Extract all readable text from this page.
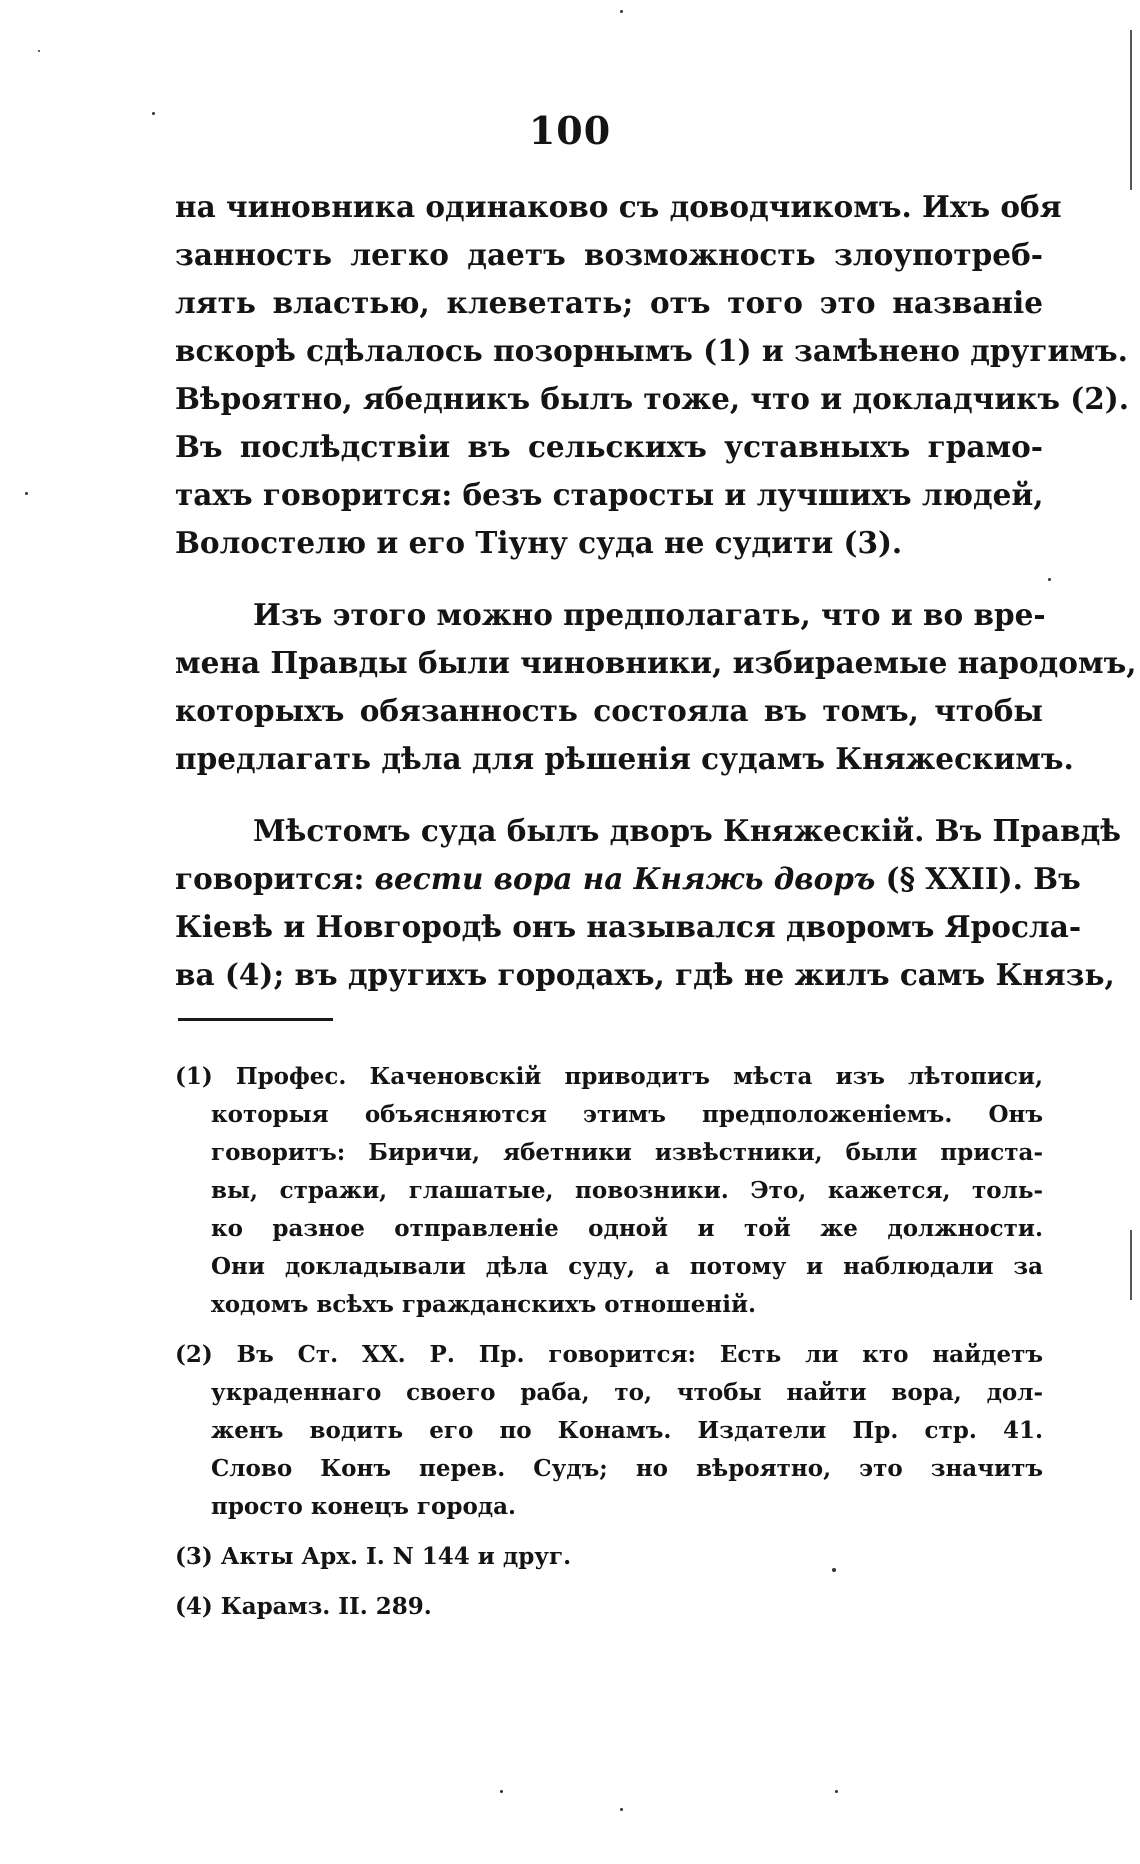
100
на чиновника одинаково съ доводчикомъ. Ихъ обя
занность легко даетъ возможность злоупотреб-
лять властью, клеветать; отъ того это названіе
вскорѣ сдѣлалось позорнымъ (1) и замѣнено другимъ.
Вѣроятно, ябедникъ былъ тоже, что и докладчикъ (2).
Въ послѣдствіи въ сельскихъ уставныхъ грамо-
тахъ говорится: безъ старосты и лучшихъ людей,
Волостелю и его Тіуну суда не судити (3).
Изъ этого можно предполагать, что и во вре-
мена Правды были чиновники, избираемые народомъ,
которыхъ обязанность состояла въ томъ, чтобы
предлагать дѣла для рѣшенія судамъ Княжескимъ.
Мѣстомъ суда былъ дворъ Княжескій. Въ Правдѣ
говорится: вести вора на Княжь дворъ (§ XXII). Въ
Кіевѣ и Новгородѣ онъ назывался дворомъ Яросла-
ва (4); въ другихъ городахъ, гдѣ не жилъ самъ Князь,
(1) Профес. Каченовскій приводитъ мѣста изъ лѣтописи,
которыя объясняются этимъ предположеніемъ. Онъ
говоритъ: Биричи, ябетники извѣстники, были пристa-
вы, стражи, глашатые, повозники. Это, кажется, толь-
ко разное отправленіе одной и той же должности.
Они докладывали дѣла суду, а потому и наблюдали за
ходомъ всѣхъ гражданскихъ отношеній.
(2) Въ Ст. XX. Р. Пр. говорится: Есть ли кто найдетъ
украденнаго своего раба, то, чтобы найти вора, дол-
женъ водить его по Конамъ. Издатели Пр. стр. 41.
Слово Конъ перев. Судъ; но вѣроятно, это значитъ
просто конецъ города.
(3) Акты Арх. I. N 144 и друг.
(4) Карамз. II. 289.
